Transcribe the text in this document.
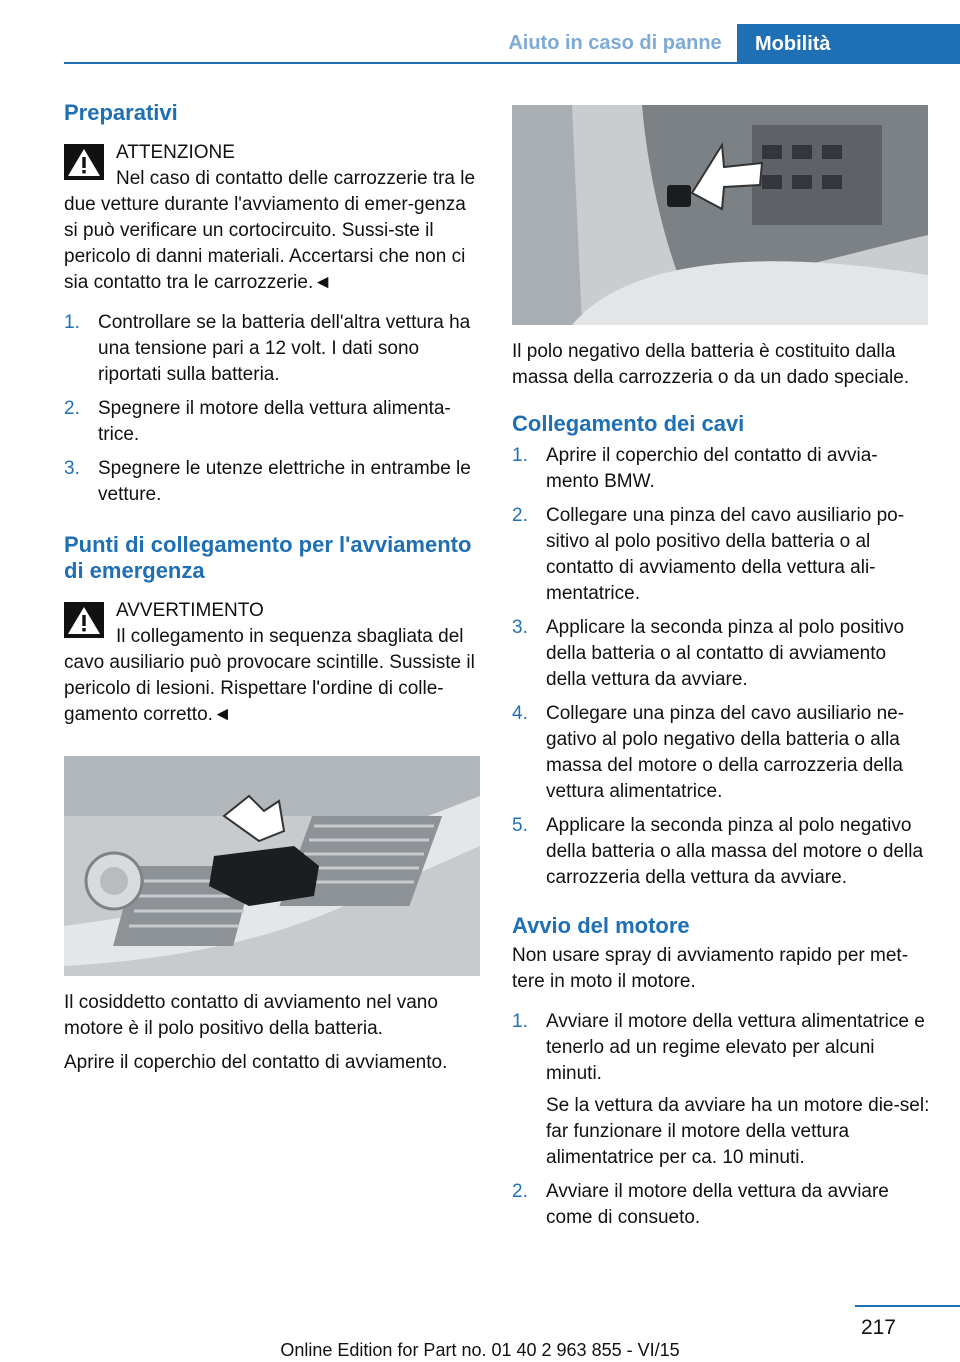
Aiuto in caso di panne	Mobilità
Preparativi
ATTENZIONE

Nel caso di contatto delle carrozzerie tra le due vetture durante l'avviamento di emer‐genza si può verificare un cortocircuito. Sussi‐ste il pericolo di danni materiali. Accertarsi che non ci sia contatto tra le carrozzerie.◄

1. Controllare se la batteria dell'altra vettura ha una tensione pari a 12 volt. I dati sono riportati sulla batteria.
2. Spegnere il motore della vettura alimenta‐trice.
3. Spegnere le utenze elettriche in entrambe le vetture.
Punti di collegamento per l'avviamento di emergenza
AVVERTIMENTO

Il collegamento in sequenza sbagliata del cavo ausiliario può provocare scintille. Sussiste il pericolo di lesioni. Rispettare l'ordine di colle‐gamento corretto.◄

Il cosiddetto contatto di avviamento nel vano motore è il polo positivo della batteria.

Aprire il coperchio del contatto di avviamento.

Il polo negativo della batteria è costituito dalla massa della carrozzeria o da un dado speciale.

Collegamento dei cavi
1. Aprire il coperchio del contatto di avvia‐mento BMW.
2. Collegare una pinza del cavo ausiliario po‐sitivo al polo positivo della batteria o al contatto di avviamento della vettura ali‐mentatrice.
3. Applicare la seconda pinza al polo positivo della batteria o al contatto di avviamento della vettura da avviare.
4. Collegare una pinza del cavo ausiliario ne‐gativo al polo negativo della batteria o alla massa del motore o della carrozzeria della vettura alimentatrice.
5. Applicare la seconda pinza al polo negativo della batteria o alla massa del motore o della carrozzeria della vettura da avviare.
Avvio del motore

Non usare spray di avviamento rapido per met‐tere in moto il motore.

1. Avviare il motore della vettura alimentatrice e tenerlo ad un regime elevato per alcuni minuti.
Se la vettura da avviare ha un motore die‐sel: far funzionare il motore della vettura alimentatrice per ca. 10 minuti.
2. Avviare il motore della vettura da avviare come di consueto.
217
Online Edition for Part no. 01 40 2 963 855 - VI/15
